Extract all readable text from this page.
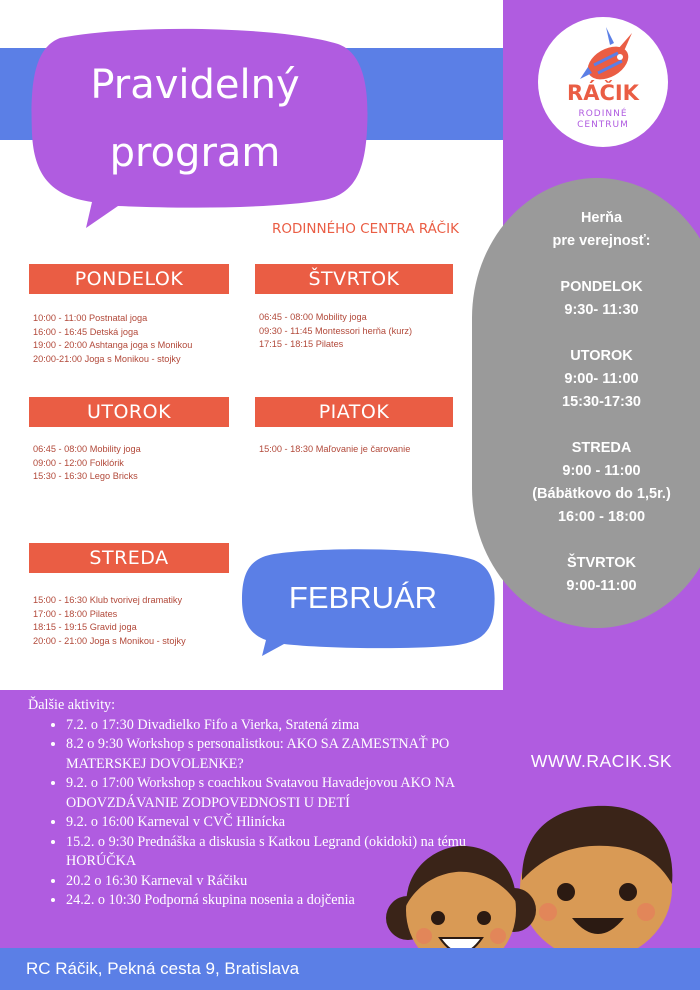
Pravidelný
program
RODINNÉHO CENTRA RÁČIK
RÁČIK
RODINNÉ
CENTRUM
PONDELOK
10:00 - 11:00 Postnatal joga
16:00 - 16:45 Detská joga
19:00 - 20:00 Ashtanga joga s Monikou
20:00-21:00 Joga s Monikou - stojky
ŠTVRTOK
06:45 - 08:00 Mobility joga
09:30 - 11:45 Montessori herňa (kurz)
17:15 - 18:15 Pilates
UTOROK
06:45 - 08:00 Mobility joga
09:00 - 12:00 Folklórik
15:30 - 16:30 Lego Bricks
PIATOK
15:00 - 18:30 Maľovanie je čarovanie
STREDA
15:00 - 16:30 Klub tvorivej dramatiky
17:00 - 18:00 Pilates
18:15 - 19:15 Gravid joga
20:00 - 21:00 Joga s Monikou - stojky
FEBRUÁR
Herňa
pre verejnosť:
PONDELOK
9:30- 11:30
UTOROK
9:00- 11:00
15:30-17:30
STREDA
9:00 - 11:00
(Bábätkovo do 1,5r.)
16:00 - 18:00
ŠTVRTOK
9:00-11:00
WWW.RACIK.SK
Ďalšie aktivity:
• 7.2. o 17:30 Divadielko Fifo a Vierka, Sratená zima
• 8.2 o 9:30 Workshop s personalistkou: AKO SA ZAMESTNAŤ PO MATERSKEJ DOVOLENKE?
• 9.2. o 17:00 Workshop s coachkou Svatavou Havadejovou AKO NA ODOVZDÁVANIE ZODPOVEDNOSTI U DETÍ
• 9.2. o 16:00 Karneval v CVČ Hlinícka
• 15.2. o 9:30 Prednáška a diskusia s Katkou Legrand (okidoki) na tému HORÚČKA
• 20.2 o 16:30 Karneval v Ráčiku
• 24.2. o 10:30 Podporná skupina nosenia a dojčenia
RC Ráčik, Pekná cesta 9, Bratislava
